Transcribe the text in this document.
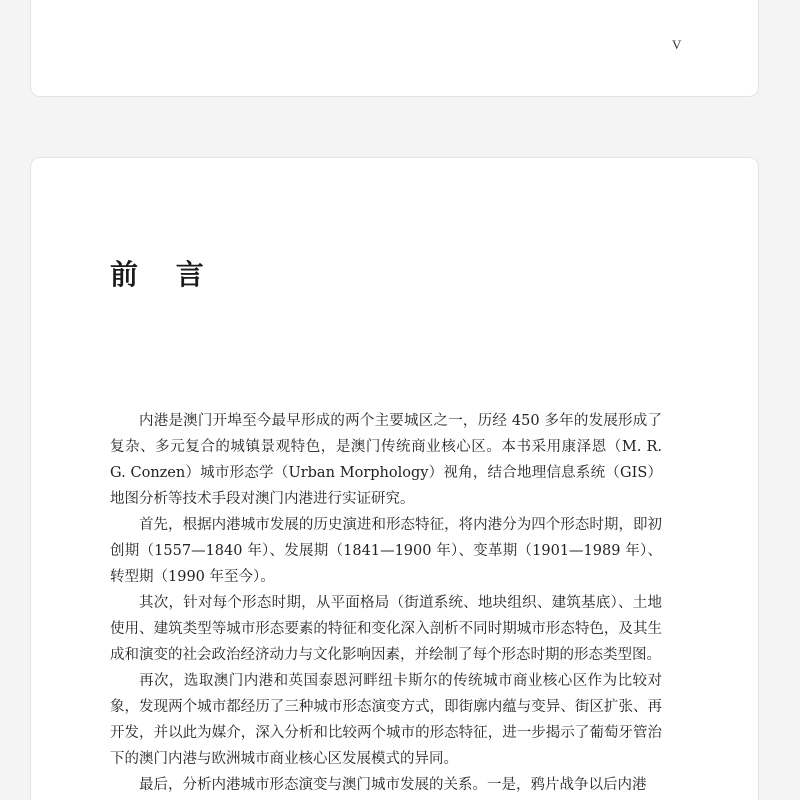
V
前 言

内港是澳门开埠至今最早形成的两个主要城区之一，历经 450 多年的发展形成了复杂、多元复合的城镇景观特色，是澳门传统商业核心区。本书采用康泽恩（M. R. G. Conzen）城市形态学（Urban Morphology）视角，结合地理信息系统（GIS）地图分析等技术手段对澳门内港进行实证研究。

首先，根据内港城市发展的历史演进和形态特征，将内港分为四个形态时期，即初创期（1557—1840 年）、发展期（1841—1900 年）、变革期（1901—1989 年）、转型期（1990 年至今）。

其次，针对每个形态时期，从平面格局（街道系统、地块组织、建筑基底）、土地使用、建筑类型等城市形态要素的特征和变化深入剖析不同时期城市形态特色，及其生成和演变的社会政治经济动力与文化影响因素，并绘制了每个形态时期的形态类型图。

再次，选取澳门内港和英国泰恩河畔纽卡斯尔的传统城市商业核心区作为比较对象，发现两个城市都经历了三种城市形态演变方式，即街廓内蕴与变异、街区扩张、再开发，并以此为媒介，深入分析和比较两个城市的形态特征，进一步揭示了葡萄牙管治下的澳门内港与欧洲城市商业核心区发展模式的异同。

最后，分析内港城市形态演变与澳门城市发展的关系。一是，鸦片战争以后内港
